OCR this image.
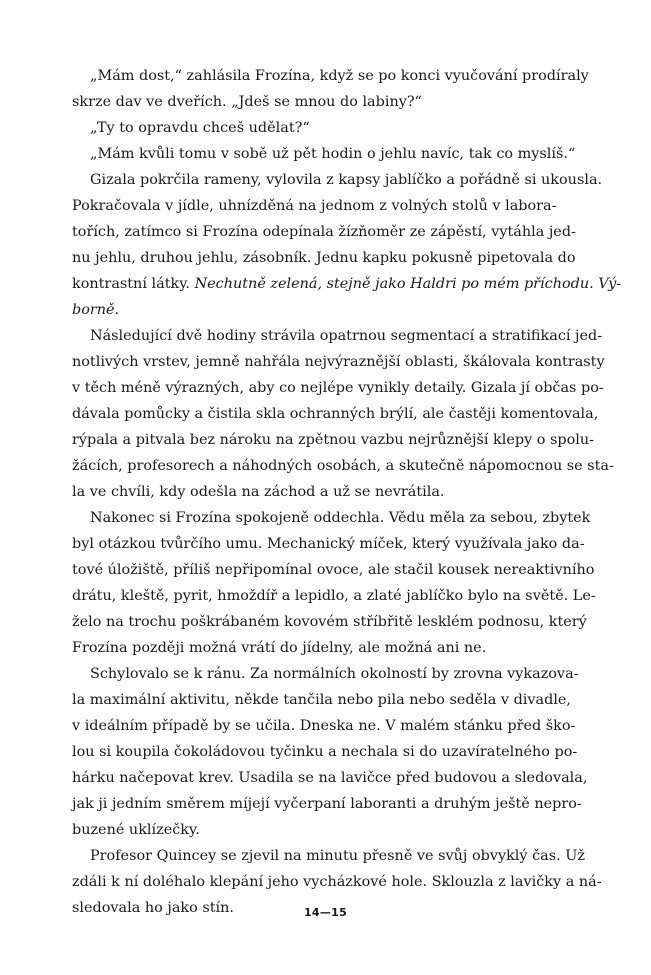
„Mám dost,“ zahlásila Frozína, když se po konci vyučování prodíraly
skrze dav ve dveřích. „Jdeš se mnou do labiny?“
„Ty to opravdu chceš udělat?“
„Mám kvůli tomu v sobě už pět hodin o jehlu navíc, tak co myslíš.“
Gizala pokrčila rameny, vylovila z kapsy jablíčko a pořádně si ukousla.
Pokračovala v jídle, uhnízděná na jednom z volných stolů v labora-
tořích, zatímco si Frozína odepínala žízňoměr ze zápěstí, vytáhla jed-
nu jehlu, druhou jehlu, zásobník. Jednu kapku pokusně pipetovala do
kontrastní látky. Nechutně zelená, stejně jako Haldri po mém příchodu. Vý-
borně.
Následující dvě hodiny strávila opatrnou segmentací a stratifikací jed-
notlivých vrstev, jemně nahřála nejvýraznější oblasti, škálovala kontrasty
v těch méně výrazných, aby co nejlépe vynikly detaily. Gizala jí občas po-
dávala pomůcky a čistila skla ochranných brýlí, ale častěji komentovala,
rýpala a pitvala bez nároku na zpětnou vazbu nejrůznější klepy o spolu-
žácích, profesorech a náhodných osobách, a skutečně nápomocnou se sta-
la ve chvíli, kdy odešla na záchod a už se nevrátila.
Nakonec si Frozína spokojeně oddechla. Vědu měla za sebou, zbytek
byl otázkou tvůrčího umu. Mechanický míček, který využívala jako da-
tové úložiště, příliš nepřipomínal ovoce, ale stačil kousek nereaktivního
drátu, kleště, pyrit, hmoždíř a lepidlo, a zlaté jablíčko bylo na světě. Le-
želo na trochu poškrábaném kovovém stříbřitě lesklém podnosu, který
Frozína později možná vrátí do jídelny, ale možná ani ne.
Schylovalo se k ránu. Za normálních okolností by zrovna vykazova-
la maximální aktivitu, někde tančila nebo pila nebo seděla v divadle,
v ideálním případě by se učila. Dneska ne. V malém stánku před ško-
lou si koupila čokoládovou tyčinku a nechala si do uzavíratelného po-
hárku načepovat krev. Usadila se na lavičce před budovou a sledovala,
jak ji jedním směrem míjejí vyčerpaní laboranti a druhým ještě nepro-
buzené uklízečky.
Profesor Quincey se zjevil na minutu přesně ve svůj obvyklý čas. Už
zdáli k ní doléhalo klepání jeho vycházkové hole. Sklouzla z lavičky a ná-
sledovala ho jako stín.	14—15
